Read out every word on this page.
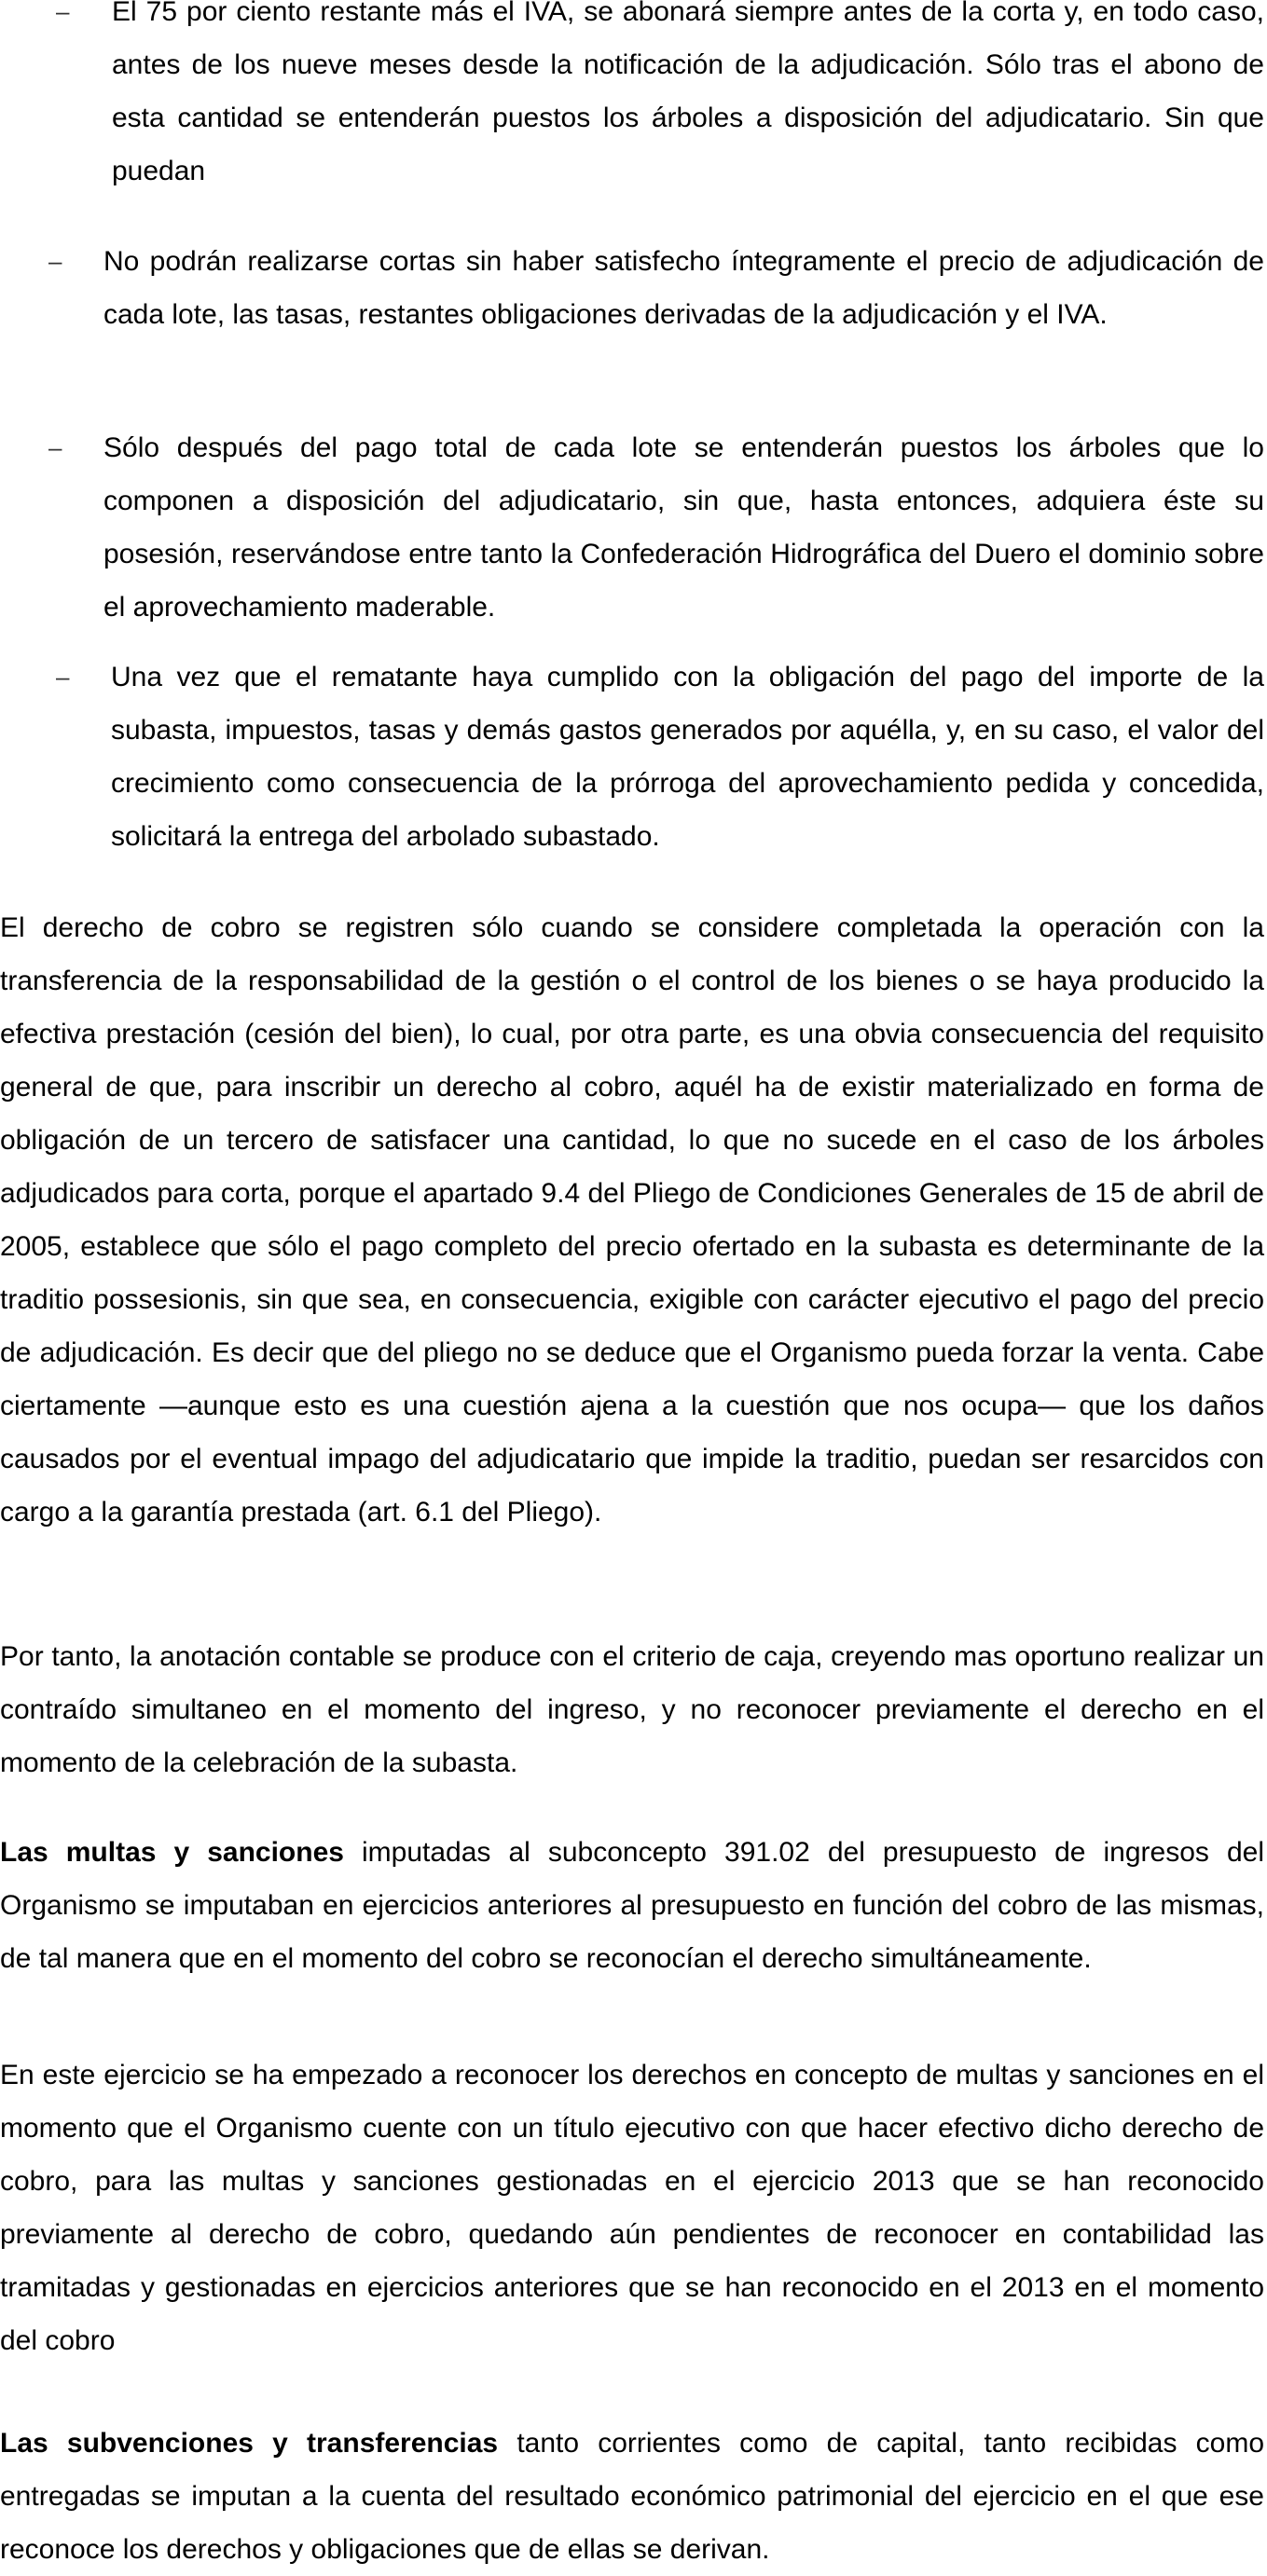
– El 75 por ciento restante más el IVA, se abonará siempre antes de la corta y, en todo caso, antes de los nueve meses desde la notificación de la adjudicación. Sólo tras el abono de esta cantidad se entenderán puestos los árboles a disposición del adjudicatario. Sin que puedan

– No podrán realizarse cortas sin haber satisfecho íntegramente el precio de adjudicación de cada lote, las tasas, restantes obligaciones derivadas de la adjudicación y el IVA.

– Sólo después del pago total de cada lote se entenderán puestos los árboles que lo componen a disposición del adjudicatario, sin que, hasta entonces, adquiera éste su posesión, reservándose entre tanto la Confederación Hidrográfica del Duero el dominio sobre el aprovechamiento maderable.

– Una vez que el rematante haya cumplido con la obligación del pago del importe de la subasta, impuestos, tasas y demás gastos generados por aquélla, y, en su caso, el valor del crecimiento como consecuencia de la prórroga del aprovechamiento pedida y concedida, solicitará la entrega del arbolado subastado.

El derecho de cobro se registren sólo cuando se considere completada la operación con la transferencia de la responsabilidad de la gestión o el control de los bienes o se haya producido la efectiva prestación (cesión del bien), lo cual, por otra parte, es una obvia consecuencia del requisito general de que, para inscribir un derecho al cobro, aquél ha de existir materializado en forma de obligación de un tercero de satisfacer una cantidad, lo que no sucede en el caso de los árboles adjudicados para corta, porque el apartado 9.4 del Pliego de Condiciones Generales de 15 de abril de 2005, establece que sólo el pago completo del precio ofertado en la subasta es determinante de la traditio possesionis, sin que sea, en consecuencia, exigible con carácter ejecutivo el pago del precio de adjudicación. Es decir que del pliego no se deduce que el Organismo pueda forzar la venta. Cabe ciertamente —aunque esto es una cuestión ajena a la cuestión que nos ocupa— que los daños causados por el eventual impago del adjudicatario que impide la traditio, puedan ser resarcidos con cargo a la garantía prestada (art. 6.1 del Pliego).

Por tanto, la anotación contable se produce con el criterio de caja, creyendo mas oportuno realizar un contraído simultaneo en el momento del ingreso, y no reconocer previamente el derecho en el momento de la celebración de la subasta.

Las multas y sanciones imputadas al subconcepto 391.02 del presupuesto de ingresos del Organismo se imputaban en ejercicios anteriores al presupuesto en función del cobro de las mismas, de tal manera que en el momento del cobro se reconocían el derecho simultáneamente.

En este ejercicio se ha empezado a reconocer los derechos en concepto de multas y sanciones en el momento que el Organismo cuente con un título ejecutivo con que hacer efectivo dicho derecho de cobro, para las multas y sanciones gestionadas en el ejercicio 2013 que se han reconocido previamente al derecho de cobro, quedando aún pendientes de reconocer en contabilidad las tramitadas y gestionadas en ejercicios anteriores que se han reconocido en el 2013 en el momento del cobro

Las subvenciones y transferencias tanto corrientes como de capital, tanto recibidas como entregadas se imputan a la cuenta del resultado económico patrimonial del ejercicio en el que ese reconoce los derechos y obligaciones que de ellas se derivan.
